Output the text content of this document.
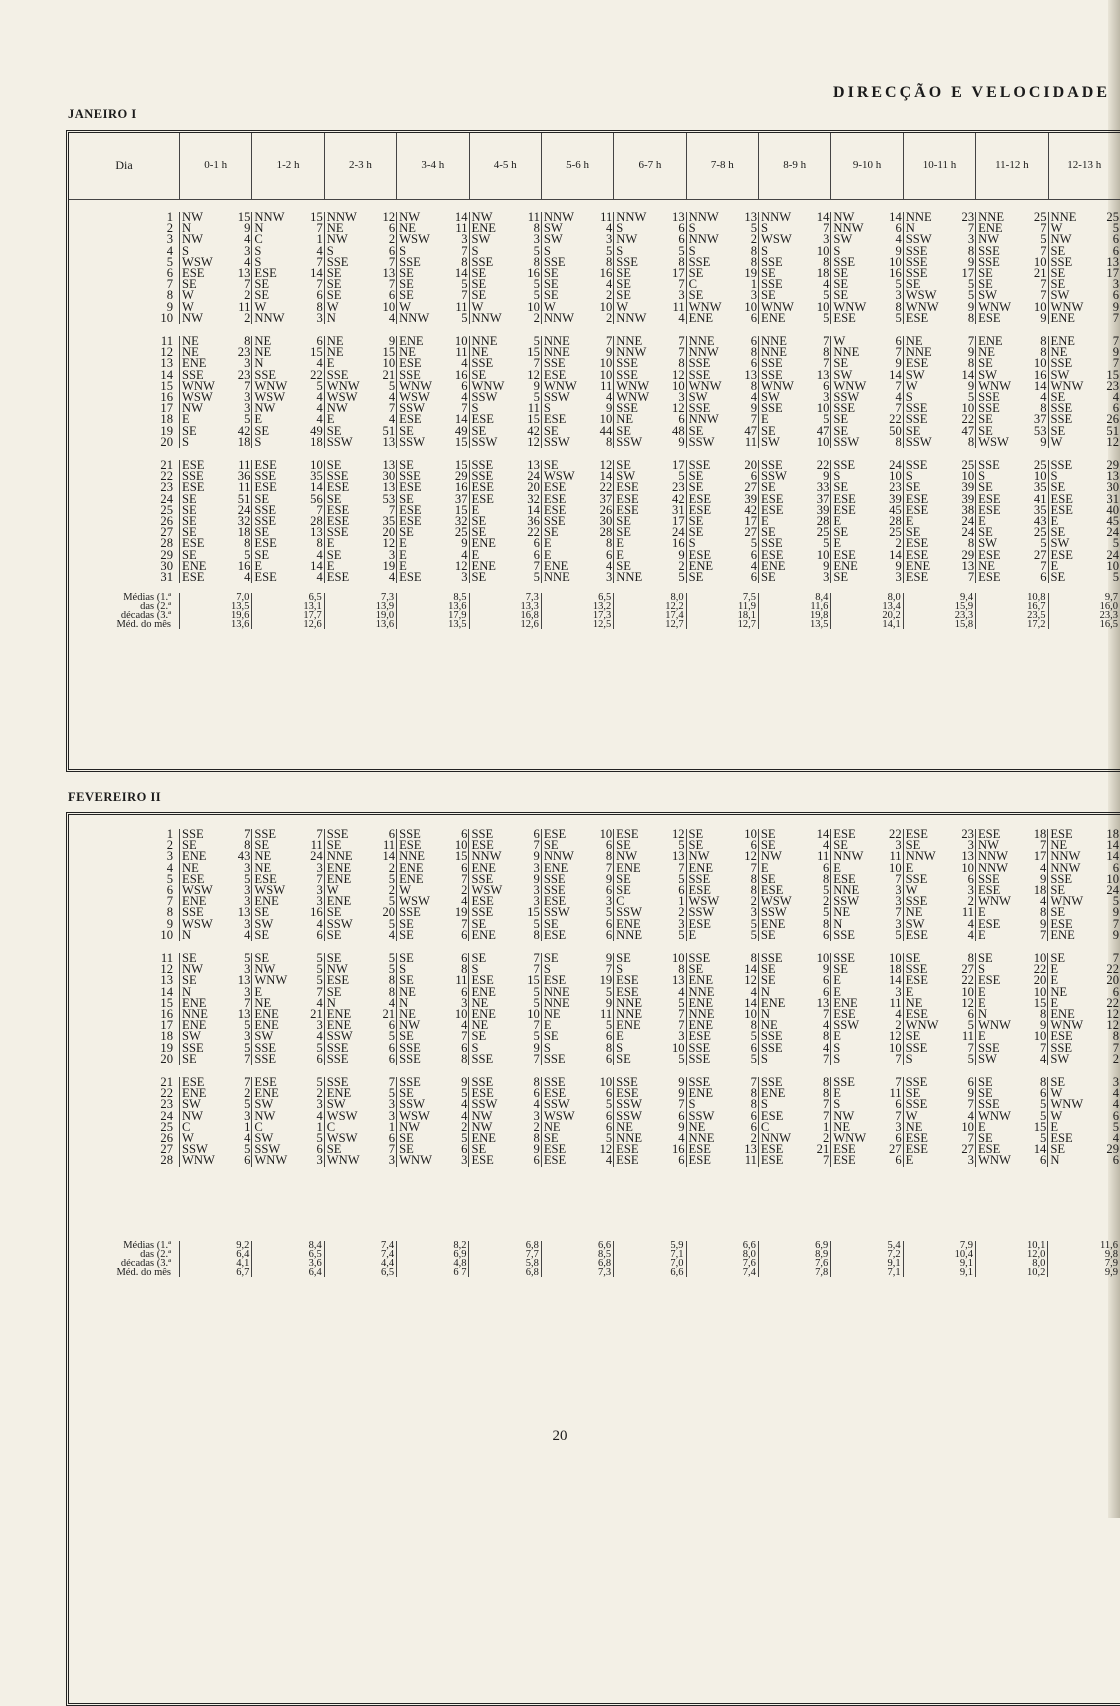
DIRECÇÃO E VELOCIDADE
JANEIRO I
Dia	0-1 h		1-2 h		2-3 h		3-4 h		4-5 h		5-6 h		6-7 h		7-8 h		8-9 h		9-10 h		10-11 h		11-12 h		12-13 h	

1	NW	15	NNW	15	NNW	12	NW	14	NW	11	NNW	11	NNW	13	NNW	13	NNW	14	NW	14	NNE	23	NNE	25	NNE	25
2	N	9	N	7	NE	6	NE	11	ENE	8	SW	4	S	6	S	5	S	7	NNW	6	N	7	ENE	7	W	5
3	NW	4	C	1	NW	2	WSW	3	SW	3	SW	3	NW	6	NNW	2	WSW	3	SW	4	SSW	3	NW	5	NW	6
4	S	3	S	4	S	6	S	7	S	5	S	5	S	5	S	8	S	10	S	9	SSE	8	SSE	7	SE	6
5	WSW	4	S	7	SSE	7	SSE	8	SSE	8	SSE	8	SSE	8	SSE	8	SSE	8	SSE	10	SSE	9	SSE	10	SSE	13
6	ESE	13	ESE	14	SE	13	SE	14	SE	16	SE	16	SE	17	SE	19	SE	18	SE	16	SSE	17	SE	21	SE	17
7	SE	7	SE	7	SE	7	SE	5	SE	5	SE	4	SE	7	C	1	SSE	4	SE	5	SE	5	SE	7	SE	3
8	W	2	SE	6	SE	6	SE	7	SE	5	SE	2	SE	3	SE	3	SE	5	SE	3	WSW	5	SW	7	SW	6
9	W	11	W	8	W	10	W	11	W	10	W	10	W	11	WNW	10	WNW	10	WNW	8	WNW	9	WNW	10	WNW	9
10	NW	2	NNW	3	N	4	NNW	5	NNW	2	NNW	2	NNW	4	ENE	6	ENE	5	ESE	5	ESE	8	ESE	9	ENE	7

11	NE	8	NE	6	NE	9	ENE	10	NNE	5	NNE	7	NNE	7	NNE	6	NNE	7	W	6	NE	7	ENE	8	ENE	7
12	NE	23	NE	15	NE	15	NE	11	NE	15	NNE	9	NNW	7	NNW	8	NNE	8	NNE	7	NNE	9	NE	8	NE	9
13	ENE	3	N	4	E	10	ESE	4	SSE	7	SSE	10	SSE	8	SSE	6	SSE	7	SE	9	ESE	8	SE	10	SSE	7
14	SSE	23	SSE	22	SSE	21	SSE	16	SE	12	ESE	10	SSE	12	SSE	13	SSE	13	SW	14	SW	14	SW	16	SW	15
15	WNW	7	WNW	5	WNW	5	WNW	6	WNW	9	WNW	11	WNW	10	WNW	8	WNW	6	WNW	7	W	9	WNW	14	WNW	23
16	WSW	3	WSW	4	WSW	4	WSW	4	SSW	5	SSW	4	WNW	3	SW	4	SW	3	SSW	4	S	5	SSE	4	SE	4
17	NW	3	NW	4	NW	7	SSW	7	S	11	S	9	SSE	12	SSE	9	SSE	10	SSE	7	SSE	10	SSE	8	SSE	6
18	E	5	E	4	E	4	ESE	14	ESE	15	ESE	10	NE	6	NNW	7	E	5	SE	22	SSE	22	SE	37	SSE	26
19	SE	42	SE	49	SE	51	SE	49	SE	42	SE	44	SE	48	SE	47	SE	47	SE	50	SE	47	SE	53	SE	51
20	S	18	S	18	SSW	13	SSW	15	SSW	12	SSW	8	SSW	9	SSW	11	SW	10	SSW	8	SSW	8	WSW	9	W	12

21	ESE	11	ESE	10	SE	13	SE	15	SSE	13	SE	12	SE	17	SSE	20	SSE	22	SSE	24	SSE	25	SSE	25	SSE	29
22	SSE	36	SSE	35	SSE	30	SSE	29	SSE	24	WSW	14	SW	5	SE	6	SSW	9	S	10	S	10	S	10	S	13
23	ESE	11	ESE	14	ESE	13	ESE	16	ESE	20	ESE	22	ESE	23	SE	27	SE	33	SE	23	SE	39	SE	35	SE	30
24	SE	51	SE	56	SE	53	SE	37	ESE	32	ESE	37	ESE	42	ESE	39	ESE	37	ESE	39	ESE	39	ESE	41	ESE	31
25	SE	24	SSE	7	ESE	7	ESE	15	E	14	ESE	26	ESE	31	ESE	42	ESE	39	ESE	45	ESE	38	ESE	35	ESE	40
26	SE	32	SSE	28	ESE	35	ESE	32	SE	36	SSE	30	SE	17	SE	17	E	28	E	28	E	24	E	43	E	45
27	SE	18	SE	13	SSE	20	SE	25	SE	22	SE	28	SE	24	SE	27	SE	25	SE	25	SE	24	SE	25	SE	24
28	ESE	8	ESE	8	E	12	E	9	ENE	6	E	8	E	16	S	5	SSE	5	E	2	ESE	8	SW	5	SW	5
29	SE	5	SE	4	SE	3	E	4	E	6	E	6	E	9	ESE	6	ESE	10	ESE	14	ESE	29	ESE	27	ESE	24
30	ENE	16	E	14	E	19	E	12	ENE	7	ENE	4	SE	2	ENE	4	ENE	9	ENE	9	ENE	13	NE	7	E	10
31	ESE	4	ESE	4	ESE	4	ESE	3	SE	5	NNE	3	NNE	5	SE	6	SE	3	SE	3	ESE	7	ESE	6	SE	5

Médias (1.ª	7,0		6,5		7,3		8,5		7,3		6,5		8,0		7,5		8,4		8,0		9,4		10,8		9,7	
das (2.ª	13,5		13,1		13,9		13,6		13,3		13,2		12,2		11,9		11,6		13,4		15,9		16,7		16,0	
décadas (3.ª	19,6		17,7		19,0		17,9		16,8		17,3		17,4		18,1		19,8		20,2		23,3		23,5		23,3	
Méd. do mês	13,6		12,6		13,6		13,5		12,6		12,5		12,7		12,7		13,5		14,1		15,8		17,2		16,5	

FEVEREIRO II

1	SSE	7	SSE	7	SSE	6	SSE	6	SSE	6	ESE	10	ESE	12	SE	10	SE	14	ESE	22	ESE	23	ESE	18	ESE	18
2	SE	8	SE	11	SE	11	ESE	10	ESE	7	SE	6	SE	5	SE	6	SE	4	SE	3	SE	3	NW	7	NE	14
3	ENE	43	NE	24	NNE	14	NNE	15	NNW	9	NNW	8	NW	13	NW	12	NW	11	NNW	11	NNW	13	NNW	17	NNW	14
4	NE	3	NE	3	ENE	2	ENE	6	ENE	3	ENE	7	ENE	7	ENE	7	E	6	E	10	E	10	NNW	4	NNW	6
5	ESE	5	ESE	7	ENE	5	ENE	7	SSE	9	SSE	9	SE	5	SSE	8	SE	8	ESE	7	SSE	6	SSE	9	SSE	10
6	WSW	3	WSW	3	W	2	W	2	WSW	3	SSE	6	SE	6	ESE	8	ESE	5	NNE	3	W	3	ESE	18	SE	24
7	ENE	3	ENE	3	ENE	5	WSW	4	ESE	3	ESE	3	C	1	WSW	2	WSW	2	SSW	3	SSE	2	WNW	4	WNW	5
8	SSE	13	SE	16	SE	20	SSE	19	SSE	15	SSW	5	SSW	2	SSW	3	SSW	5	NE	7	NE	11	E	8	SE	9
9	WSW	3	SW	4	SSW	5	SE	7	SE	5	SE	6	ENE	3	ESE	5	ENE	8	N	3	SW	4	ESE	9	ESE	7
10	N	4	SE	6	SE	4	SE	6	ENE	8	ESE	6	NNE	5	E	5	SE	6	SSE	5	ESE	4	E	7	ENE	9

11	SE	5	SE	5	SE	5	SE	6	SE	7	SE	9	SE	10	SSE	8	SSE	10	SSE	10	SE	8	SE	10	SE	7
12	NW	3	NW	5	NW	5	S	8	S	7	S	7	S	8	SE	14	SE	9	SE	18	SSE	27	S	22	E	22
13	SE	13	WNW	5	ESE	8	SE	11	ESE	15	ESE	19	ESE	13	ENE	12	SE	6	E	14	ESE	22	ESE	20	E	20
14	N	3	E	7	SE	8	NE	6	ENE	5	NNE	5	ESE	4	NNE	4	N	6	E	3	E	10	E	10	NE	6
15	ENE	7	NE	4	N	4	N	3	NE	5	NNE	9	NNE	5	ENE	14	ENE	13	ENE	11	NE	12	E	15	E	22
16	NNE	13	ENE	21	ENE	21	NE	10	ENE	10	NE	11	NNE	7	NNE	10	N	7	ESE	4	ESE	6	N	8	ENE	12
17	ENE	5	ENE	3	ENE	6	NW	4	NE	7	E	5	ENE	7	ENE	8	NE	4	SSW	2	WNW	5	WNW	9	WNW	12
18	SW	3	SW	4	SSW	5	SE	7	SE	5	SE	6	E	3	ESE	5	SSE	8	E	12	SE	11	E	10	ESE	8
19	SSE	5	SSE	5	SSE	6	SSE	6	S	9	S	8	S	10	SSE	6	SSE	4	S	10	SSE	7	SSE	7	SSE	7
20	SE	7	SSE	6	SSE	6	SSE	8	SSE	7	SSE	6	SE	5	SSE	5	S	7	S	7	S	5	SW	4	SW	2

21	ESE	7	ESE	5	SSE	7	SSE	9	SSE	8	SSE	10	SSE	9	SSE	7	SSE	8	SSE	7	SSE	6	SE	8	SE	3
22	ENE	2	ENE	2	ENE	5	SE	5	ESE	6	ESE	6	ESE	9	ENE	8	ENE	8	E	11	SE	9	SE	6	W	4
23	SW	5	SW	3	SW	3	SSW	4	SSW	4	SSW	5	SSW	7	S	8	S	7	S	6	SSE	7	SSE	5	WNW	4
24	NW	3	NW	4	WSW	3	WSW	4	NW	3	WSW	6	SSW	6	SSW	6	ESE	7	NW	7	W	4	WNW	5	W	6
25	C	1	C	1	C	1	NW	2	NW	2	NE	6	NE	9	NE	6	C	1	NE	3	NE	10	E	15	E	5
26	W	4	SW	5	WSW	6	SE	5	ENE	8	SE	5	NNE	4	NNE	2	NNW	2	WNW	6	ESE	7	SE	5	ESE	4
27	SSW	5	SSW	6	SE	7	SE	6	SE	9	ESE	12	ESE	16	ESE	13	ESE	21	ESE	27	ESE	27	ESE	14	SE	29
28	WNW	6	WNW	3	WNW	3	WNW	3	ESE	6	ESE	4	ESE	6	ESE	11	ESE	7	ESE	6	E	3	WNW	6	N	6

Médias (1.ª	9,2		8,4		7,4		8,2		6,8		6,6		5,9		6,6		6,9		5,4		7,9		10,1		11,6	
das (2.ª	6,4		6,5		7,4		6,9		7,7		8,5		7,1		8,0		8,9		7,2		10,4		12,0		9,8	
décadas (3.ª	4,1		3,6		4,4		4,8		5,8		6,8		7,0		7,6		7,6		9,1		9,1		8,0		7,9	
Méd. do mês	6,7		6,4		6,5		6 7		6,8		7,3		6,6		7,4		7,8		7,1		9,1		10,2		9,9	

20
